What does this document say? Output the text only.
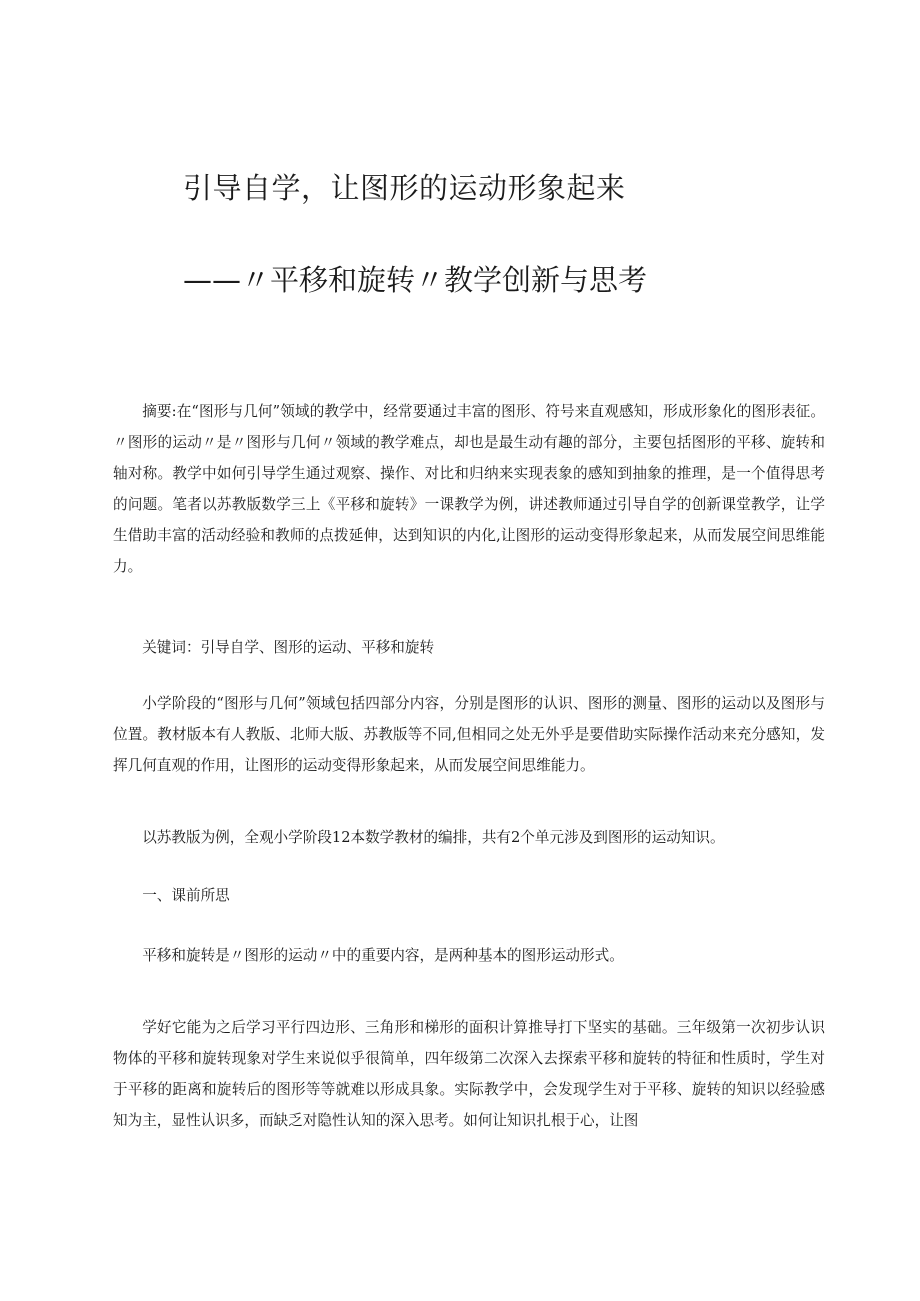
引导自学，让图形的运动形象起来
——〃平移和旋转〃教学创新与思考

摘要:在“图形与几何”领域的教学中，经常要通过丰富的图形、符号来直观感知，形成形象化的图形表征。〃图形的运动〃是〃图形与几何〃领域的教学难点，却也是最生动有趣的部分，主要包括图形的平移、旋转和轴对称。教学中如何引导学生通过观察、操作、对比和归纳来实现表象的感知到抽象的推理，是一个值得思考的问题。笔者以苏教版数学三上《平移和旋转》一课教学为例，讲述教师通过引导自学的创新课堂教学，让学生借助丰富的活动经验和教师的点拨延伸，达到知识的内化,让图形的运动变得形象起来，从而发展空间思维能力。

关键词：引导自学、图形的运动、平移和旋转

小学阶段的“图形与几何”领域包括四部分内容，分别是图形的认识、图形的测量、图形的运动以及图形与位置。教材版本有人教版、北师大版、苏教版等不同,但相同之处无外乎是要借助实际操作活动来充分感知，发挥几何直观的作用，让图形的运动变得形象起来，从而发展空间思维能力。

以苏教版为例，全观小学阶段12本数学教材的编排，共有2个单元涉及到图形的运动知识。

一、课前所思

平移和旋转是〃图形的运动〃中的重要内容，是两种基本的图形运动形式。

学好它能为之后学习平行四边形、三角形和梯形的面积计算推导打下坚实的基础。三年级第一次初步认识物体的平移和旋转现象对学生来说似乎很简单，四年级第二次深入去探索平移和旋转的特征和性质时，学生对于平移的距离和旋转后的图形等等就难以形成具象。实际教学中，会发现学生对于平移、旋转的知识以经验感知为主，显性认识多，而缺乏对隐性认知的深入思考。如何让知识扎根于心，让图
